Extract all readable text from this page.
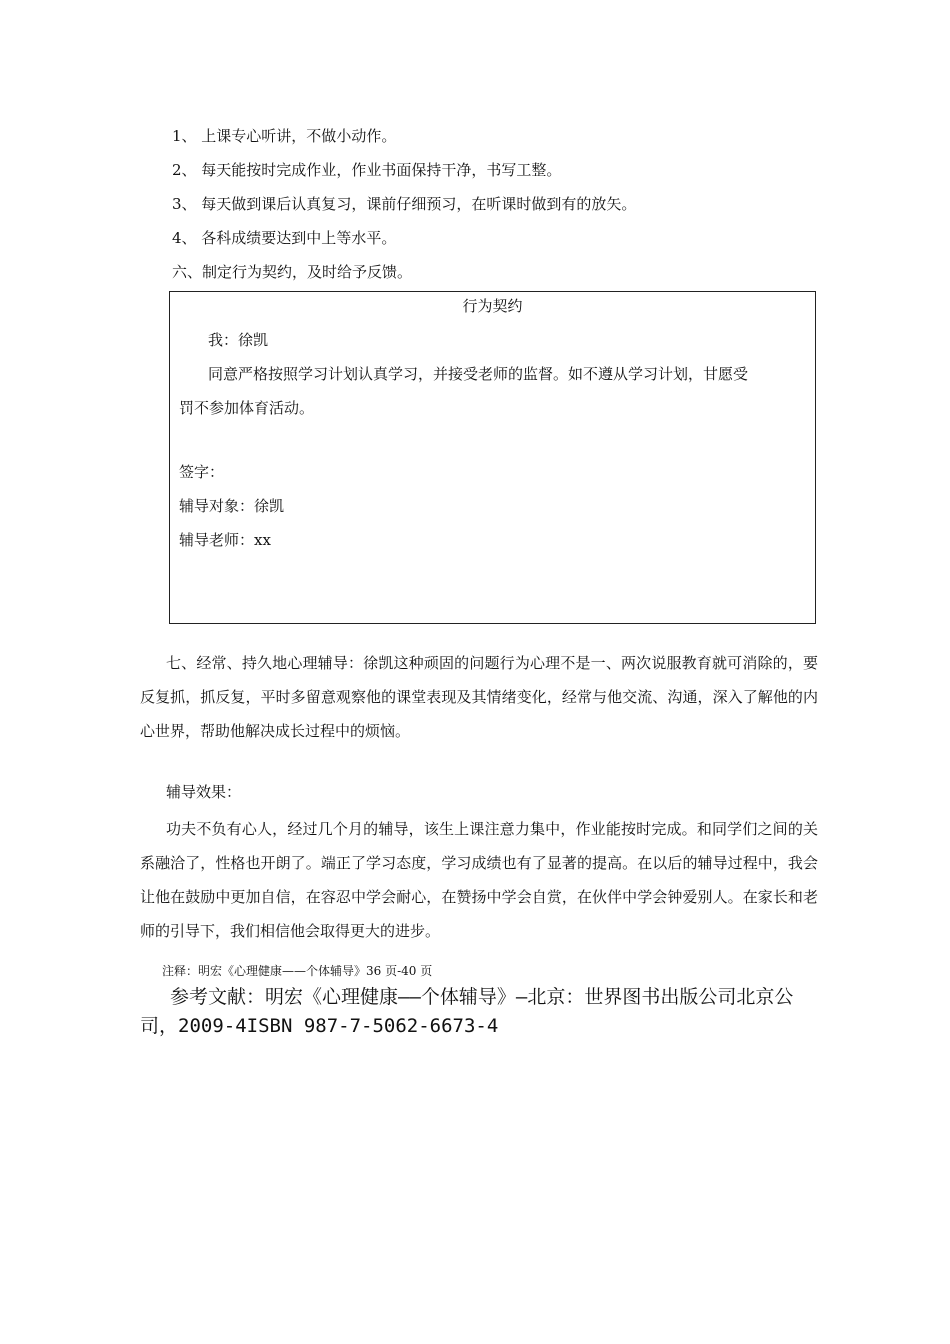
1、 上课专心听讲，不做小动作。
2、 每天能按时完成作业，作业书面保持干净，书写工整。
3、 每天做到课后认真复习，课前仔细预习，在听课时做到有的放矢。
4、 各科成绩要达到中上等水平。
六、制定行为契约，及时给予反馈。
行为契约
我：徐凯
同意严格按照学习计划认真学习，并接受老师的监督。如不遵从学习计划，甘愿受
罚不参加体育活动。
签字：
辅导对象：徐凯
辅导老师：xx
七、经常、持久地心理辅导：徐凯这种顽固的问题行为心理不是一、两次说服教育就可消除的，要反复抓，抓反复，平时多留意观察他的课堂表现及其情绪变化，经常与他交流、沟通，深入了解他的内心世界，帮助他解决成长过程中的烦恼。
辅导效果：
功夫不负有心人，经过几个月的辅导，该生上课注意力集中，作业能按时完成。和同学们之间的关系融洽了，性格也开朗了。端正了学习态度，学习成绩也有了显著的提高。在以后的辅导过程中，我会让他在鼓励中更加自信，在容忍中学会耐心，在赞扬中学会自赏，在伙伴中学会钟爱别人。在家长和老师的引导下，我们相信他会取得更大的进步。
注释：明宏《心理健康——个体辅导》36 页-40 页
参考文献：明宏《心理健康——个体辅导》—北京：世界图书出版公司北京公司，2009-4ISBN 987-7-5062-6673-4
